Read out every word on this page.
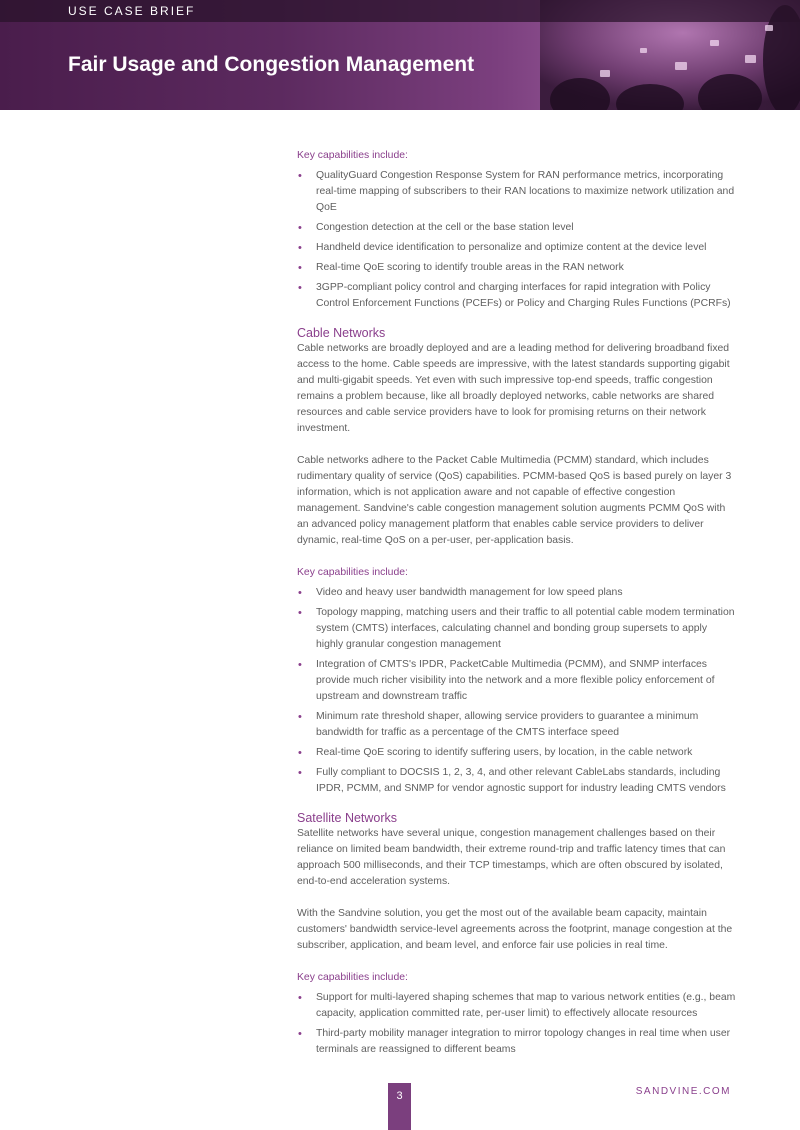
USE CASE BRIEF
Fair Usage and Congestion Management
Key capabilities include:
• QualityGuard Congestion Response System for RAN performance metrics, incorporating real-time mapping of subscribers to their RAN locations to maximize network utilization and QoE
• Congestion detection at the cell or the base station level
• Handheld device identification to personalize and optimize content at the device level
• Real-time QoE scoring to identify trouble areas in the RAN network
• 3GPP-compliant policy control and charging interfaces for rapid integration with Policy Control Enforcement Functions (PCEFs) or Policy and Charging Rules Functions (PCRFs)
Cable Networks

Cable networks are broadly deployed and are a leading method for delivering broadband fixed access to the home. Cable speeds are impressive, with the latest standards supporting gigabit and multi-gigabit speeds. Yet even with such impressive top-end speeds, traffic congestion remains a problem because, like all broadly deployed networks, cable networks are shared resources and cable service providers have to look for promising returns on their network investment.

Cable networks adhere to the Packet Cable Multimedia (PCMM) standard, which includes rudimentary quality of service (QoS) capabilities. PCMM-based QoS is based purely on layer 3 information, which is not application aware and not capable of effective congestion management. Sandvine's cable congestion management solution augments PCMM QoS with an advanced policy management platform that enables cable service providers to deliver dynamic, real-time QoS on a per-user, per-application basis.

Key capabilities include:
• Video and heavy user bandwidth management for low speed plans
• Topology mapping, matching users and their traffic to all potential cable modem termination system (CMTS) interfaces, calculating channel and bonding group supersets to apply highly granular congestion management
• Integration of CMTS's IPDR, PacketCable Multimedia (PCMM), and SNMP interfaces provide much richer visibility into the network and a more flexible policy enforcement of upstream and downstream traffic
• Minimum rate threshold shaper, allowing service providers to guarantee a minimum bandwidth for traffic as a percentage of the CMTS interface speed
• Real-time QoE scoring to identify suffering users, by location, in the cable network
• Fully compliant to DOCSIS 1, 2, 3, 4, and other relevant CableLabs standards, including IPDR, PCMM, and SNMP for vendor agnostic support for industry leading CMTS vendors
Satellite Networks

Satellite networks have several unique, congestion management challenges based on their reliance on limited beam bandwidth, their extreme round-trip and traffic latency times that can approach 500 milliseconds, and their TCP timestamps, which are often obscured by isolated, end-to-end acceleration systems.

With the Sandvine solution, you get the most out of the available beam capacity, maintain customers' bandwidth service-level agreements across the footprint, manage congestion at the subscriber, application, and beam level, and enforce fair use policies in real time.

Key capabilities include:
• Support for multi-layered shaping schemes that map to various network entities (e.g., beam capacity, application committed rate, per-user limit) to effectively allocate resources
• Third-party mobility manager integration to mirror topology changes in real time when user terminals are reassigned to different beams
3	SANDVINE.COM
